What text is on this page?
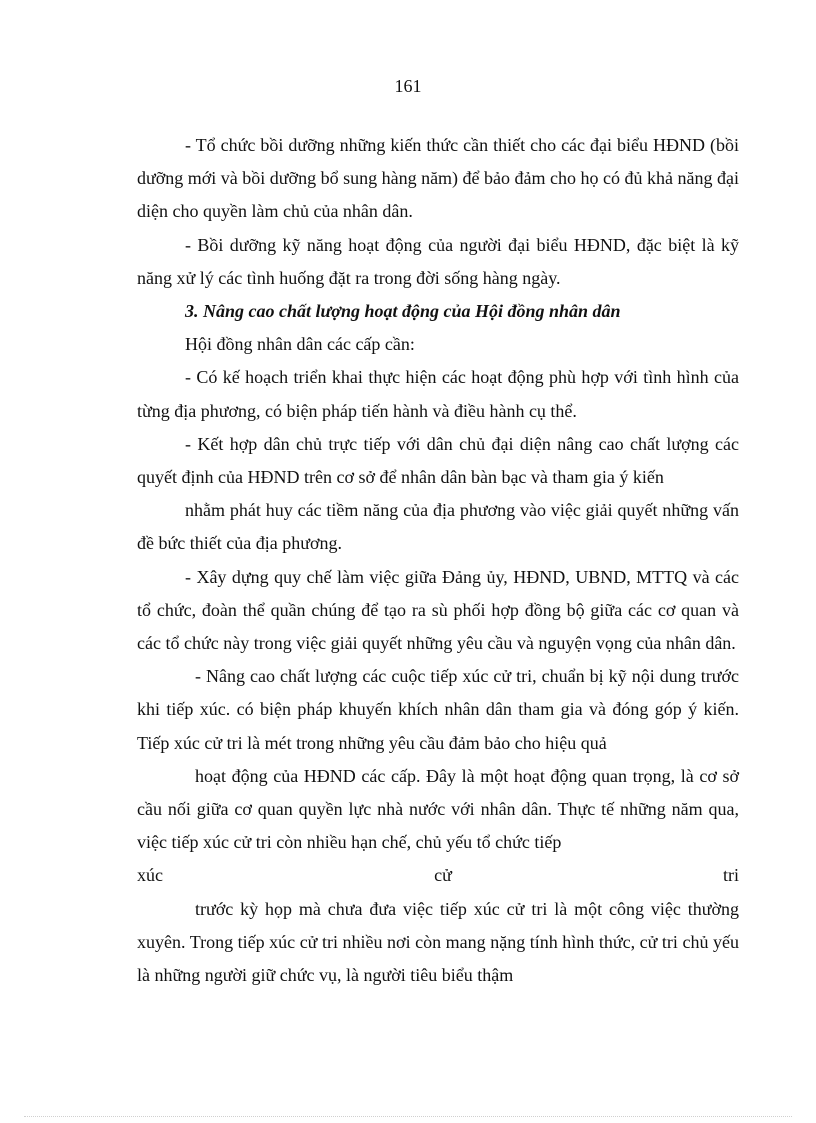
161

- Tổ chức bồi dưỡng những kiến thức cần thiết cho các đại biểu HĐND (bồi dưỡng mới và bồi dưỡng bổ sung hàng năm) để bảo đảm cho họ có đủ khả năng đại diện cho quyền làm chủ của nhân dân.

- Bồi dưỡng kỹ năng hoạt động của người đại biểu HĐND, đặc biệt là kỹ năng xử lý các tình huống đặt ra trong đời sống hàng ngày.

3. Nâng cao chất lượng hoạt động của Hội đồng nhân dân

Hội đồng nhân dân các cấp cần:

- Có kế hoạch triển khai thực hiện các hoạt động phù hợp với tình hình của từng địa phương, có biện pháp tiến hành và điều hành cụ thể.

- Kết hợp dân chủ trực tiếp với dân chủ đại diện nâng cao chất lượng các quyết định của HĐND trên cơ sở để nhân dân bàn bạc và tham gia ý kiến

nhằm phát huy các tiềm năng của địa phương vào việc giải quyết những vấn đề bức thiết của địa phương.

- Xây dựng quy chế làm việc giữa Đảng ủy, HĐND, UBND, MTTQ và các tổ chức, đoàn thể quần chúng để tạo ra sù phối hợp đồng bộ giữa các cơ quan và các tổ chức này trong việc giải quyết những yêu cầu và nguyện vọng của nhân dân.

- Nâng cao chất lượng các cuộc tiếp xúc cử tri, chuẩn bị kỹ nội dung trước khi tiếp xúc. có biện pháp khuyến khích nhân dân tham gia và đóng góp ý kiến. Tiếp xúc cử tri là mét trong những yêu cầu đảm bảo cho hiệu quả

hoạt động của HĐND các cấp. Đây là một hoạt động quan trọng, là cơ sở cầu nối giữa cơ quan quyền lực nhà nước với nhân dân. Thực tế những năm qua, việc tiếp xúc cử tri còn nhiều hạn chế, chủ yếu tổ chức tiếp

xúc	cử	tri

trước kỳ họp mà chưa đưa việc tiếp xúc cử tri là một công việc thường xuyên. Trong tiếp xúc cử tri nhiều nơi còn mang nặng tính hình thức, cử tri chủ yếu là những người giữ chức vụ, là người tiêu biểu thậm
